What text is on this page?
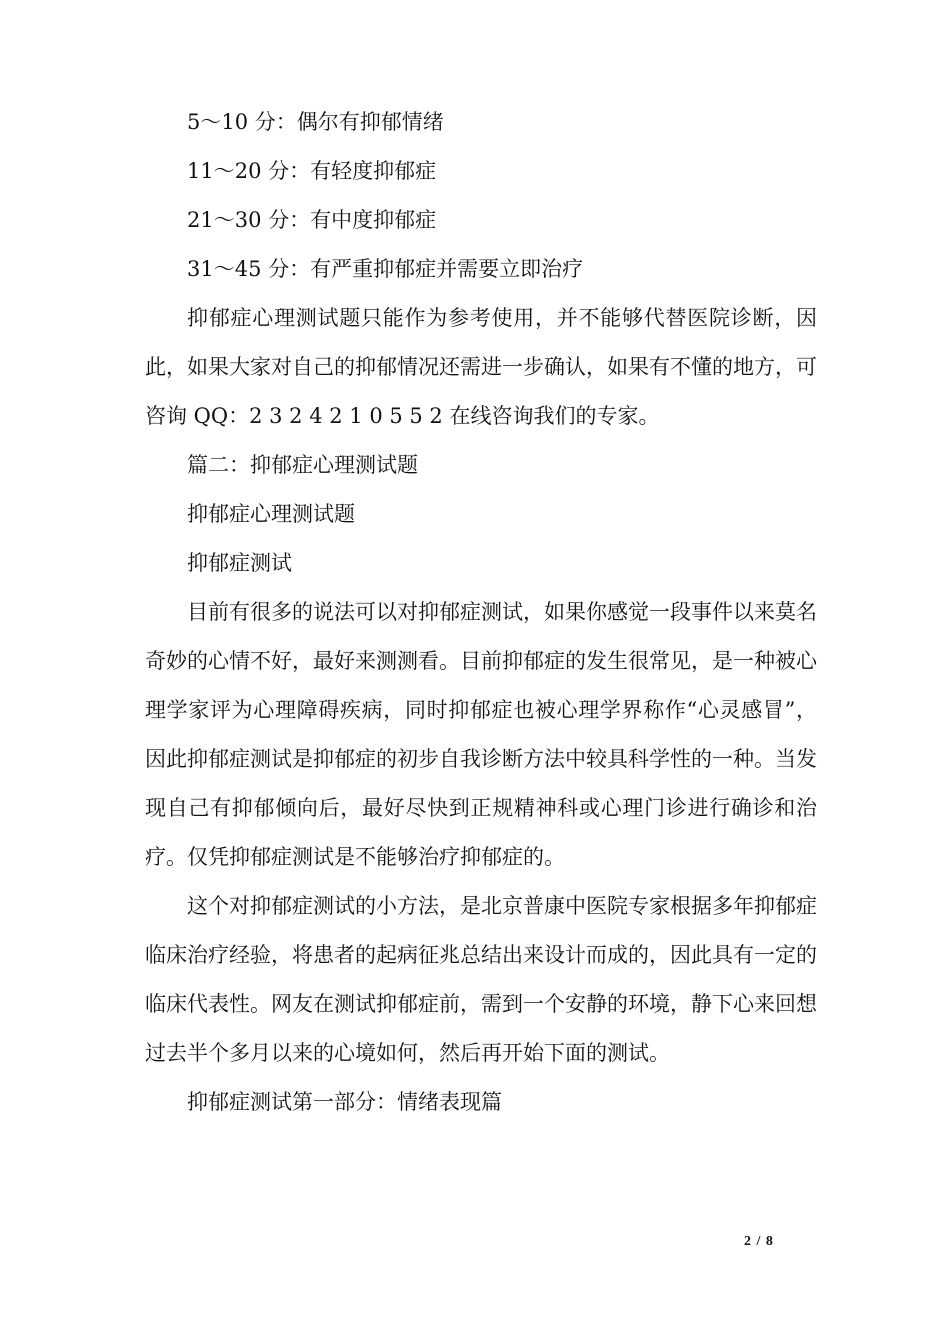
5～10 分：偶尔有抑郁情绪

11～20 分：有轻度抑郁症

21～30 分：有中度抑郁症

31～45 分：有严重抑郁症并需要立即治疗

抑郁症心理测试题只能作为参考使用，并不能够代替医院诊断，因此，如果大家对自己的抑郁情况还需进一步确认，如果有不懂的地方，可咨询 QQ：2 3 2 4 2 1 0 5 5 2 在线咨询我们的专家。

篇二：抑郁症心理测试题

抑郁症心理测试题

抑郁症测试

目前有很多的说法可以对抑郁症测试，如果你感觉一段事件以来莫名奇妙的心情不好，最好来测测看。目前抑郁症的发生很常见，是一种被心理学家评为心理障碍疾病，同时抑郁症也被心理学界称作“心灵感冒”，因此抑郁症测试是抑郁症的初步自我诊断方法中较具科学性的一种。当发现自己有抑郁倾向后，最好尽快到正规精神科或心理门诊进行确诊和治疗。仅凭抑郁症测试是不能够治疗抑郁症的。

这个对抑郁症测试的小方法，是北京普康中医院专家根据多年抑郁症临床治疗经验，将患者的起病征兆总结出来设计而成的，因此具有一定的临床代表性。网友在测试抑郁症前，需到一个安静的环境，静下心来回想过去半个多月以来的心境如何，然后再开始下面的测试。

抑郁症测试第一部分：情绪表现篇

2 / 8
